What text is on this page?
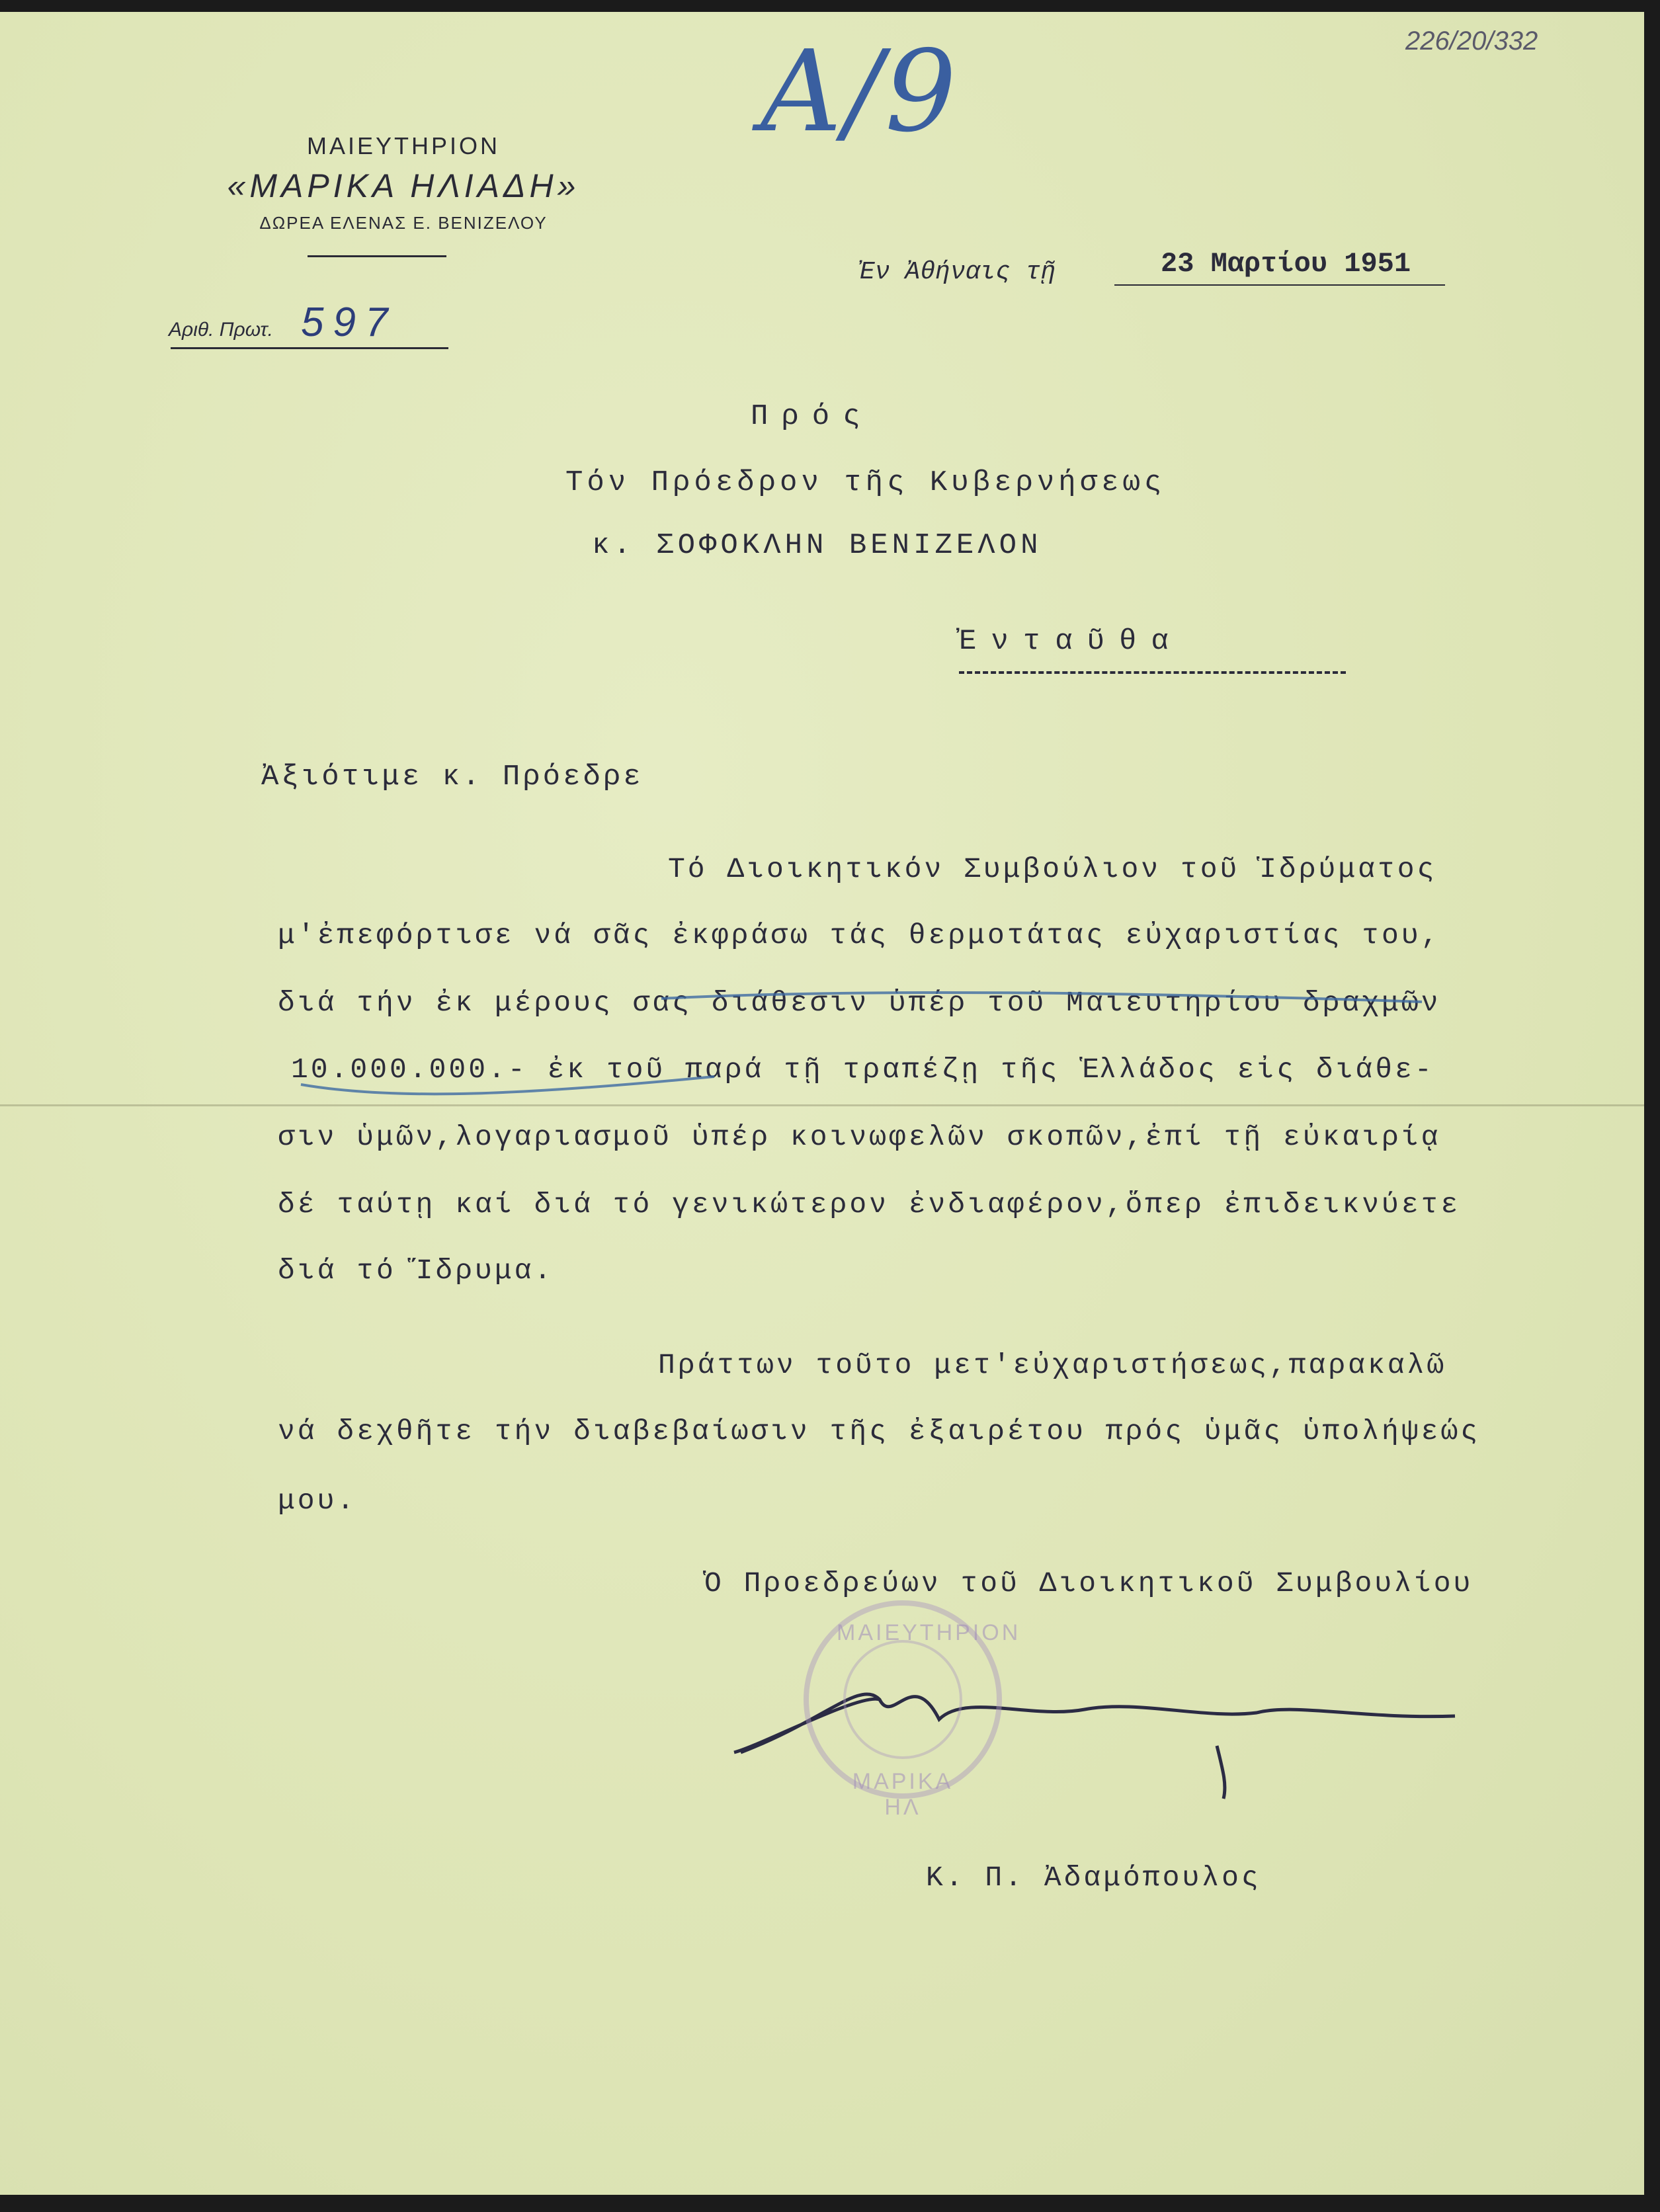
226/20/332
Α/9
ΜΑΙΕΥΤΗΡΙΟΝ
«ΜΑΡΙΚΑ ΗΛΙΑΔΗ»
ΔΩΡΕΑ ΕΛΕΝΑΣ Ε. ΒΕΝΙΖΕΛΟΥ
Αριθ. Πρωτ. 597
Ἐν Ἀθήναις τῇ	23 Μαρτίου 1951
Πρός
Τόν Πρόεδρον τῆς Κυβερνήσεως
κ. ΣΟΦΟΚΛΗΝ ΒΕΝΙΖΕΛΟΝ
Ἐνταῦθα
Ἀξιότιμε κ. Πρόεδρε
Τό Διοικητικόν Συμβούλιον τοῦ Ἱδρύματος
μ'ἐπεφόρτισε νά σᾶς ἐκφράσω τάς θερμοτάτας εὐχαριστίας του,
διά τήν ἐκ μέρους σας διάθεσιν ὑπέρ τοῦ Μαιευτηρίου δραχμῶν
10.000.000.- ἐκ τοῦ παρά τῇ τραπέζῃ τῆς Ἑλλάδος εἰς διάθε-
σιν ὑμῶν,λογαριασμοῦ ὑπέρ κοινωφελῶν σκοπῶν,ἐπί τῇ εὐκαιρίᾳ
δέ ταύτῃ καί διά τό γενικώτερον ἐνδιαφέρον,ὅπερ ἐπιδεικνύετε
διά τό Ἵδρυμα.
Πράττων τοῦτο μετ'εὐχαριστήσεως,παρακαλῶ
νά δεχθῆτε τήν διαβεβαίωσιν τῆς ἐξαιρέτου πρός ὑμᾶς ὑπολήψεώς
μου.
Ὁ Προεδρεύων τοῦ Διοικητικοῦ Συμβουλίου
ΜΑΙΕΥΤΗΡΙΟΝ
ΜΑΡΙΚΑ ΗΛ
Κ. Π. Ἀδαμόπουλος
